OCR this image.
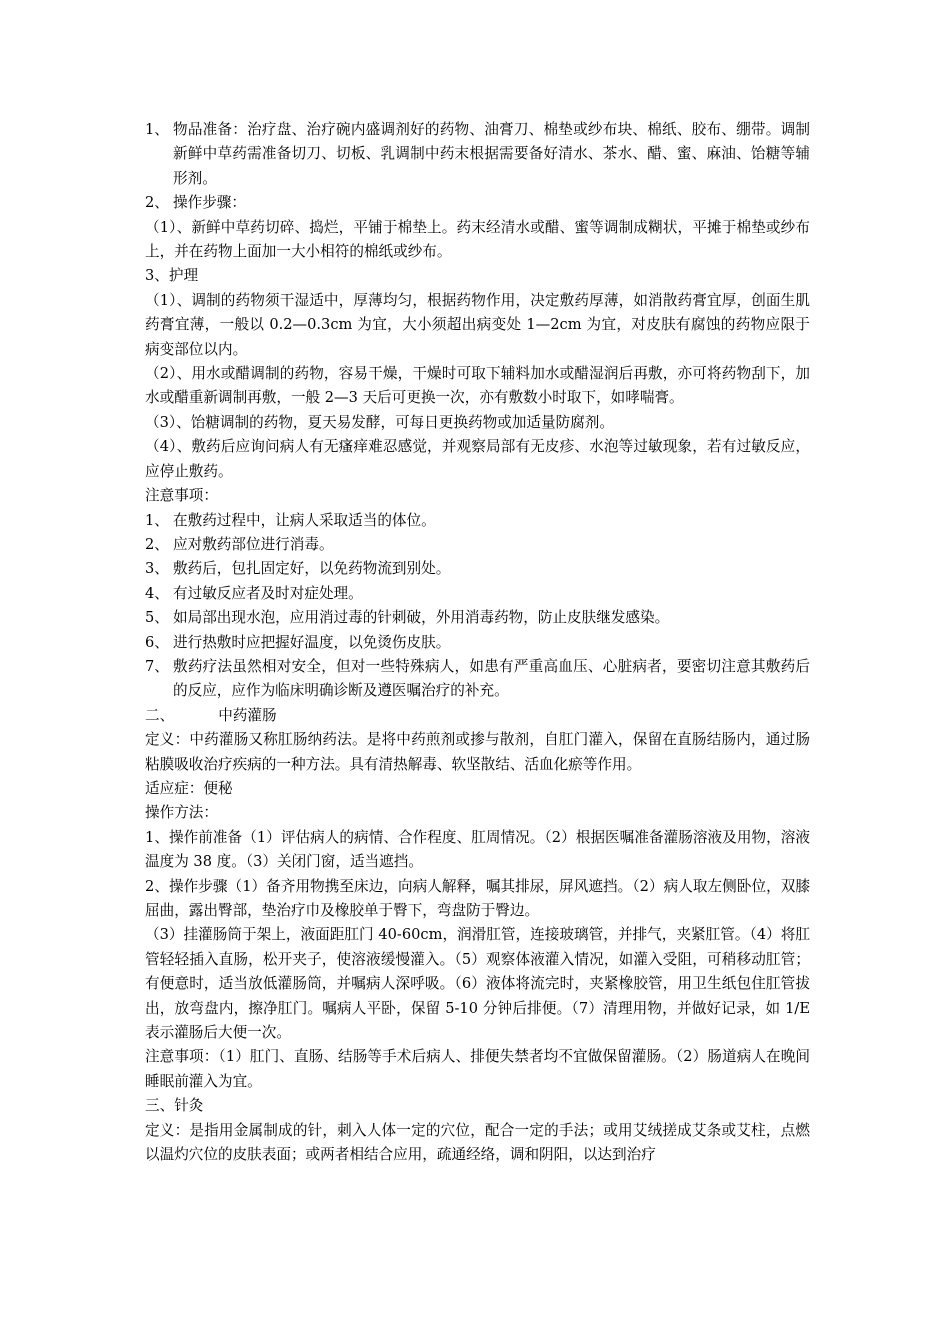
1、 物品准备：治疗盘、治疗碗内盛调剂好的药物、油膏刀、棉垫或纱布块、棉纸、胶布、绷带。调制新鲜中草药需准备切刀、切板、乳调制中药末根据需要备好清水、茶水、醋、蜜、麻油、饴糖等辅形剂。
2、 操作步骤：

（1）、新鲜中草药切碎、捣烂，平铺于棉垫上。药末经清水或醋、蜜等调制成糊状，平摊于棉垫或纱布上，并在药物上面加一大小相符的棉纸或纱布。

3、护理

（1）、调制的药物须干湿适中，厚薄均匀，根据药物作用，决定敷药厚薄，如消散药膏宜厚，创面生肌药膏宜薄，一般以 0.2—0.3cm 为宜，大小须超出病变处 1—2cm 为宜，对皮肤有腐蚀的药物应限于病变部位以内。

（2）、用水或醋调制的药物，容易干燥，干燥时可取下辅料加水或醋湿润后再敷，亦可将药物刮下，加水或醋重新调制再敷，一般 2—3 天后可更换一次，亦有敷数小时取下，如哮喘膏。

（3）、饴糖调制的药物，夏天易发酵，可每日更换药物或加适量防腐剂。

（4）、敷药后应询问病人有无瘙痒难忍感觉，并观察局部有无皮疹、水泡等过敏现象，若有过敏反应，应停止敷药。

注意事项：

1、 在敷药过程中，让病人采取适当的体位。
2、 应对敷药部位进行消毒。
3、 敷药后，包扎固定好，以免药物流到别处。
4、 有过敏反应者及时对症处理。
5、 如局部出现水泡，应用消过毒的针刺破，外用消毒药物，防止皮肤继发感染。
6、 进行热敷时应把握好温度，以免烫伤皮肤。
7、 敷药疗法虽然相对安全，但对一些特殊病人，如患有严重高血压、心脏病者，要密切注意其敷药后的反应，应作为临床明确诊断及遵医嘱治疗的补充。

二、	中药灌肠

定义：中药灌肠又称肛肠纳药法。是将中药煎剂或掺与散剂，自肛门灌入，保留在直肠结肠内，通过肠粘膜吸收治疗疾病的一种方法。具有清热解毒、软坚散结、活血化瘀等作用。

适应症：便秘

操作方法：

1、操作前准备（1）评估病人的病情、合作程度、肛周情况。（2）根据医嘱准备灌肠溶液及用物，溶液温度为 38 度。（3）关闭门窗，适当遮挡。

2、操作步骤（1）备齐用物携至床边，向病人解释，嘱其排尿，屏风遮挡。（2）病人取左侧卧位，双膝屈曲，露出臀部，垫治疗巾及橡胶单于臀下，弯盘防于臀边。

（3）挂灌肠筒于架上，液面距肛门 40-60cm，润滑肛管，连接玻璃管，并排气，夹紧肛管。（4）将肛管轻轻插入直肠，松开夹子，使溶液缓慢灌入。（5）观察体液灌入情况，如灌入受阻，可稍移动肛管；有便意时，适当放低灌肠筒，并嘱病人深呼吸。（6）液体将流完时，夹紧橡胶管，用卫生纸包住肛管拔出，放弯盘内，擦净肛门。嘱病人平卧，保留 5-10 分钟后排便。（7）清理用物，并做好记录，如 1/E 表示灌肠后大便一次。

注意事项：（1）肛门、直肠、结肠等手术后病人、排便失禁者均不宜做保留灌肠。（2）肠道病人在晚间睡眠前灌入为宜。

三、针灸

定义：是指用金属制成的针，刺入人体一定的穴位，配合一定的手法；或用艾绒搓成艾条或艾柱，点燃以温灼穴位的皮肤表面；或两者相结合应用，疏通经络，调和阴阳，以达到治疗
